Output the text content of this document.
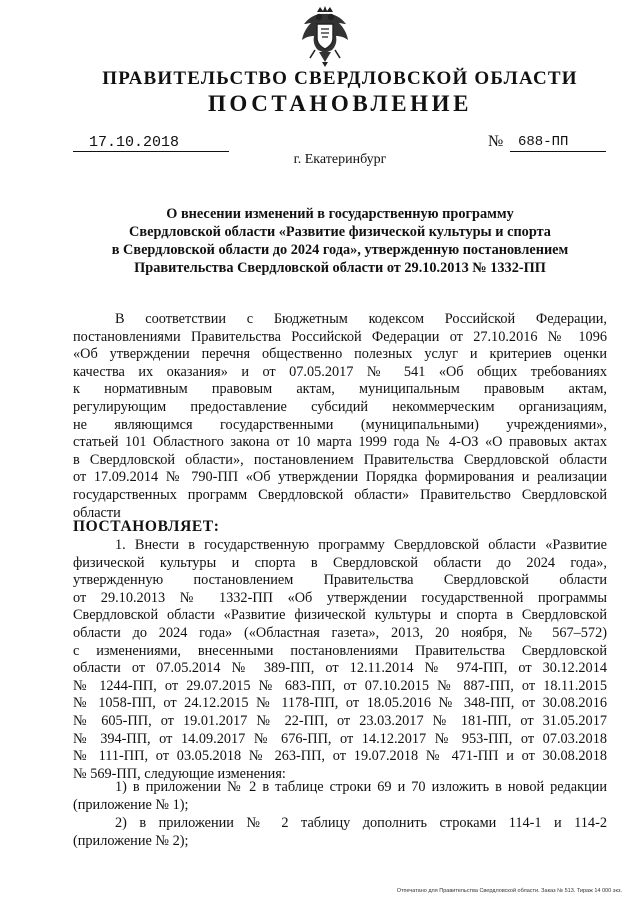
ПРАВИТЕЛЬСТВО СВЕРДЛОВСКОЙ ОБЛАСТИ
ПОСТАНОВЛЕНИЕ
17.10.2018	№	688-ПП
г. Екатеринбург
О внесении изменений в государственную программу
Свердловской области «Развитие физической культуры и спорта
в Свердловской области до 2024 года», утвержденную постановлением
Правительства Свердловской области от 29.10.2013 № 1332-ПП

В соответствии с Бюджетным кодексом Российской Федерации,

постановлениями Правительства Российской Федерации от 27.10.2016 № 1096

«Об утверждении перечня общественно полезных услуг и критериев оценки

качества их оказания» и от 07.05.2017 № 541 «Об общих требованиях

к нормативным правовым актам, муниципальным правовым актам,

регулирующим предоставление субсидий некоммерческим организациям,

не являющимся государственными (муниципальными) учреждениями»,

статьей 101 Областного закона от 10 марта 1999 года № 4-ОЗ «О правовых актах

в Свердловской области», постановлением Правительства Свердловской области

от 17.09.2014 № 790-ПП «Об утверждении Порядка формирования и реализации

государственных программ Свердловской области» Правительство Свердловской

области

ПОСТАНОВЛЯЕТ:

1. Внести в государственную программу Свердловской области «Развитие

физической культуры и спорта в Свердловской области до 2024 года»,

утвержденную постановлением Правительства Свердловской области

от 29.10.2013 № 1332-ПП «Об утверждении государственной программы

Свердловской области «Развитие физической культуры и спорта в Свердловской

области до 2024 года» («Областная газета», 2013, 20 ноября, № 567–572)

с изменениями, внесенными постановлениями Правительства Свердловской

области от 07.05.2014 № 389-ПП, от 12.11.2014 № 974-ПП, от 30.12.2014

№ 1244-ПП, от 29.07.2015 № 683-ПП, от 07.10.2015 № 887-ПП, от 18.11.2015

№ 1058-ПП, от 24.12.2015 № 1178-ПП, от 18.05.2016 № 348-ПП, от 30.08.2016

№ 605-ПП, от 19.01.2017 № 22-ПП, от 23.03.2017 № 181-ПП, от 31.05.2017

№ 394-ПП, от 14.09.2017 № 676-ПП, от 14.12.2017 № 953-ПП, от 07.03.2018

№ 111-ПП, от 03.05.2018 № 263-ПП, от 19.07.2018 № 471-ПП и от 30.08.2018

№ 569-ПП, следующие изменения:

1) в приложении № 2 в таблице строки 69 и 70 изложить в новой редакции

(приложение № 1);

2) в приложении № 2 таблицу дополнить строками 114-1 и 114-2

(приложение № 2);

Отпечатано для Правительства Свердловской области. Заказ № 513. Тираж 14 000 экз.
